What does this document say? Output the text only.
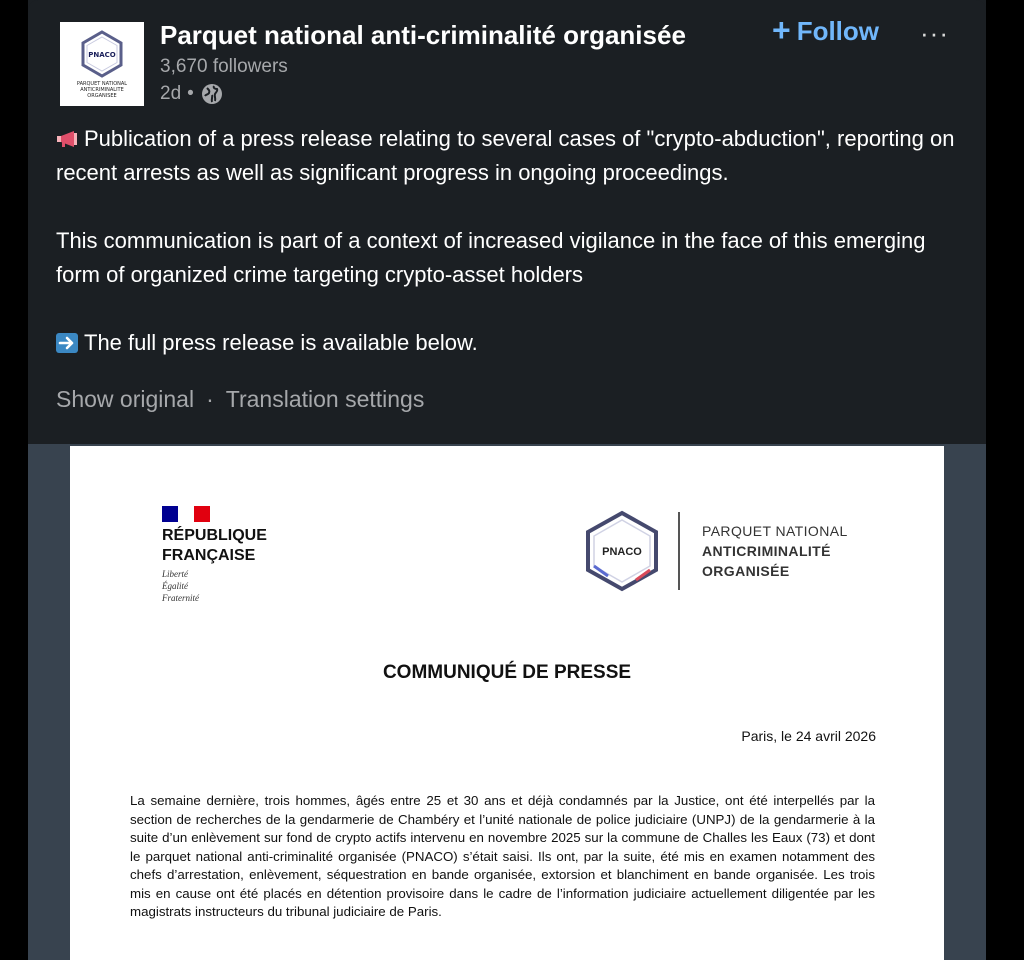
PNACO
PARQUET NATIONAL ANTICRIMINALITE ORGANISEE
Parquet national anti-criminalité organisée
3,670 followers
2d •
+ Follow ···

Publication of a press release relating to several cases of "crypto-abduction", reporting on recent arrests as well as significant progress in ongoing proceedings.

This communication is part of a context of increased vigilance in the face of this emerging form of organized crime targeting crypto-asset holders

The full press release is available below.

Show original · Translation settings
RÉPUBLIQUE
FRANÇAISE
Liberté
Égalité
Fraternité
PNACO
PARQUET NATIONAL
ANTICRIMINALITÉ
ORGANISÉE
COMMUNIQUÉ DE PRESSE
Paris, le 24 avril 2026
La semaine dernière, trois hommes, âgés entre 25 et 30 ans et déjà condamnés par la Justice, ont été interpellés par la section de recherches de la gendarmerie de Chambéry et l’unité nationale de police judiciaire (UNPJ) de la gendarmerie à la suite d’un enlèvement sur fond de crypto actifs intervenu en novembre 2025 sur la commune de Challes les Eaux (73) et dont le parquet national anti-criminalité organisée (PNACO) s’était saisi. Ils ont, par la suite, été mis en examen notamment des chefs d’arrestation, enlèvement, séquestration en bande organisée, extorsion et blanchiment en bande organisée. Les trois mis en cause ont été placés en détention provisoire dans le cadre de l’information judiciaire actuellement diligentée par les magistrats instructeurs du tribunal judiciaire de Paris.
